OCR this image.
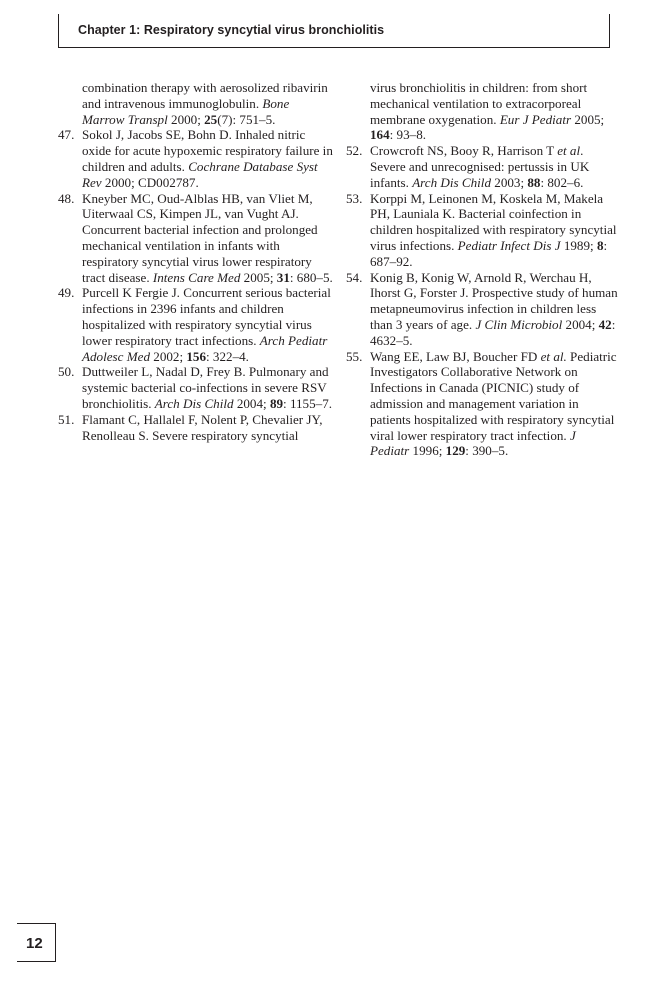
Chapter 1: Respiratory syncytial virus bronchiolitis
combination therapy with aerosolized ribavirin and intravenous immunoglobulin. Bone Marrow Transpl 2000; 25(7): 751–5.
47. Sokol J, Jacobs SE, Bohn D. Inhaled nitric oxide for acute hypoxemic respiratory failure in children and adults. Cochrane Database Syst Rev 2000; CD002787.
48. Kneyber MC, Oud-Alblas HB, van Vliet M, Uiterwaal CS, Kimpen JL, van Vught AJ. Concurrent bacterial infection and prolonged mechanical ventilation in infants with respiratory syncytial virus lower respiratory tract disease. Intens Care Med 2005; 31: 680–5.
49. Purcell K Fergie J. Concurrent serious bacterial infections in 2396 infants and children hospitalized with respiratory syncytial virus lower respiratory tract infections. Arch Pediatr Adolesc Med 2002; 156: 322–4.
50. Duttweiler L, Nadal D, Frey B. Pulmonary and systemic bacterial co-infections in severe RSV bronchiolitis. Arch Dis Child 2004; 89: 1155–7.
51. Flamant C, Hallalel F, Nolent P, Chevalier JY, Renolleau S. Severe respiratory syncytial
virus bronchiolitis in children: from short mechanical ventilation to extracorporeal membrane oxygenation. Eur J Pediatr 2005; 164: 93–8.
52. Crowcroft NS, Booy R, Harrison T et al. Severe and unrecognised: pertussis in UK infants. Arch Dis Child 2003; 88: 802–6.
53. Korppi M, Leinonen M, Koskela M, Makela PH, Launiala K. Bacterial coinfection in children hospitalized with respiratory syncytial virus infections. Pediatr Infect Dis J 1989; 8: 687–92.
54. Konig B, Konig W, Arnold R, Werchau H, Ihorst G, Forster J. Prospective study of human metapneumovirus infection in children less than 3 years of age. J Clin Microbiol 2004; 42: 4632–5.
55. Wang EE, Law BJ, Boucher FD et al. Pediatric Investigators Collaborative Network on Infections in Canada (PICNIC) study of admission and management variation in patients hospitalized with respiratory syncytial viral lower respiratory tract infection. J Pediatr 1996; 129: 390–5.
12
